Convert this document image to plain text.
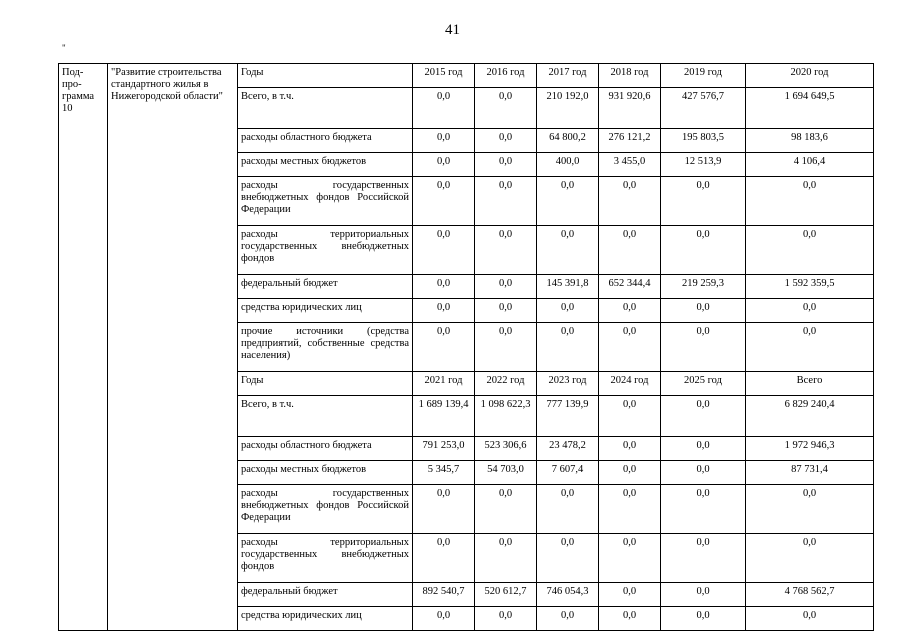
41
"
Под-
про-
грамма
10	"Развитие строительства стандартного жилья в Нижегородской области"	Годы	2015 год	2016 год	2017 год	2018 год	2019 год	2020 год
		Всего, в т.ч.	0,0	0,0	210 192,0	931 920,6	427 576,7	1 694 649,5
		расходы областного бюджета	0,0	0,0	64 800,2	276 121,2	195 803,5	98 183,6
		расходы местных бюджетов	0,0	0,0	400,0	3 455,0	12 513,9	4 106,4
		расходы государственных внебюджетных фондов Российской Федерации	0,0	0,0	0,0	0,0	0,0	0,0
		расходы территориальных государственных внебюджетных фондов	0,0	0,0	0,0	0,0	0,0	0,0
		федеральный бюджет	0,0	0,0	145 391,8	652 344,4	219 259,3	1 592 359,5
		средства юридических лиц	0,0	0,0	0,0	0,0	0,0	0,0
		прочие источники (средства предприятий, собственные средства населения)	0,0	0,0	0,0	0,0	0,0	0,0
		Годы	2021 год	2022 год	2023 год	2024 год	2025 год	Всего
		Всего, в т.ч.	1 689 139,4	1 098 622,3	777 139,9	0,0	0,0	6 829 240,4
		расходы областного бюджета	791 253,0	523 306,6	23 478,2	0,0	0,0	1 972 946,3
		расходы местных бюджетов	5 345,7	54 703,0	7 607,4	0,0	0,0	87 731,4
		расходы государственных внебюджетных фондов Российской Федерации	0,0	0,0	0,0	0,0	0,0	0,0
		расходы территориальных государственных внебюджетных фондов	0,0	0,0	0,0	0,0	0,0	0,0
		федеральный бюджет	892 540,7	520 612,7	746 054,3	0,0	0,0	4 768 562,7
		средства юридических лиц	0,0	0,0	0,0	0,0	0,0	0,0
